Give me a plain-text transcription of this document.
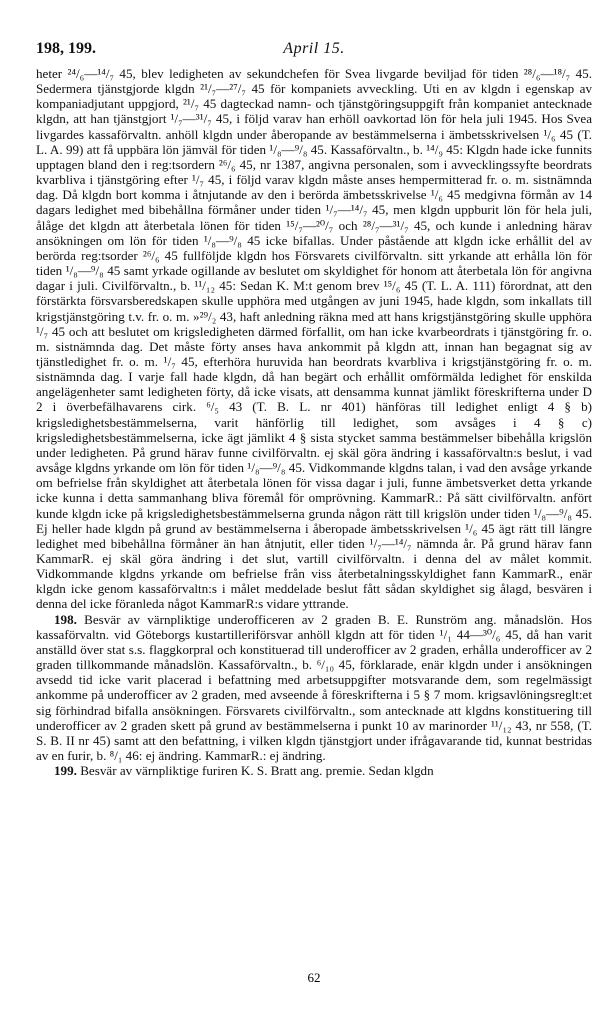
198, 199.	April 15.

heter ²⁴/₆—¹⁴/₇ 45, blev ledigheten av sekundchefen för Svea livgarde beviljad för tiden ²⁸/₆—¹⁸/₇ 45. Sedermera tjänstgjorde klgdn ²¹/₇—²⁷/₇ 45 för kompaniets avveckling. Uti en av klgdn i egenskap av kompaniadjutant uppgjord, ²¹/₇ 45 dagteckad namn- och tjänstgöringsuppgift från kompaniet antecknade klgdn, att han tjänstgjort ¹/₇—³¹/₇ 45, i följd varav han erhöll oavkortad lön för hela juli 1945. Hos Svea livgardes kassaförvaltn. anhöll klgdn under åberopande av bestämmelserna i ämbetsskrivelsen ¹/₆ 45 (T. L. A. 99) att få uppbära lön jämväl för tiden ¹/₈—⁹/₈ 45. Kassaförvaltn., b. ¹⁴/₉ 45: Klgdn hade icke funnits upptagen bland den i reg:tsordern ²⁶/₆ 45, nr 1387, angivna personalen, som i avvecklingssyfte beordrats kvarbliva i tjänstgöring efter ¹/₇ 45, i följd varav klgdn måste anses hempermitterad fr. o. m. sistnämnda dag. Då klgdn bort komma i åtnjutande av den i berörda ämbetsskrivelse ¹/₆ 45 medgivna förmån av 14 dagars ledighet med bibehållna förmåner under tiden ¹/₇—¹⁴/₇ 45, men klgdn uppburit lön för hela juli, ålåge det klgdn att återbetala lönen för tiden ¹⁵/₇—²⁰/₇ och ²⁸/₇—³¹/₇ 45, och kunde i anledning härav ansökningen om lön för tiden ¹/₈—⁹/₈ 45 icke bifallas. Under påstående att klgdn icke erhållit del av berörda reg:tsorder ²⁶/₆ 45 fullföljde klgdn hos Försvarets civilförvaltn. sitt yrkande att erhålla lön för tiden ¹/₈—⁹/₈ 45 samt yrkade ogillande av beslutet om skyldighet för honom att återbetala lön för angivna dagar i juli. Civilförvaltn., b. ¹¹/₁₂ 45: Sedan K. M:t genom brev ¹⁵/₆ 45 (T. L. A. 111) förordnat, att den förstärkta försvarsberedskapen skulle upphöra med utgången av juni 1945, hade klgdn, som inkallats till krigstjänstgöring t.v. fr. o. m. »²⁹/₂ 43, haft anledning räkna med att hans krigstjänstgöring skulle upphöra ¹/₇ 45 och att beslutet om krigsledigheten därmed förfallit, om han icke kvarbeordrats i tjänstgöring fr. o. m. sistnämnda dag. Det måste förty anses hava ankommit på klgdn att, innan han begagnat sig av tjänstledighet fr. o. m. ¹/₇ 45, efterhöra huruvida han beordrats kvarbliva i krigstjänstgöring fr. o. m. sistnämnda dag. I varje fall hade klgdn, då han begärt och erhållit omförmälda ledighet för enskilda angelägenheter samt ledigheten förty, då icke visats, att densamma kunnat jämlikt föreskrifterna under D 2 i överbefälhavarens cirk. ⁶/₅ 43 (T. B. L. nr 401) hänföras till ledighet enligt 4 § b) krigsledighetsbestämmelserna, varit hänförlig till ledighet, som avsåges i 4 § c) krigsledighetsbestämmelserna, icke ägt jämlikt 4 § sista stycket samma bestämmelser bibehålla krigslön under ledigheten. På grund härav funne civilförvaltn. ej skäl göra ändring i kassaförvaltn:s beslut, i vad avsåge klgdns yrkande om lön för tiden ¹/₈—⁹/₈ 45. Vidkommande klgdns talan, i vad den avsåge yrkande om befrielse från skyldighet att återbetala lönen för vissa dagar i juli, funne ämbetsverket detta yrkande icke kunna i detta sammanhang bliva föremål för omprövning. KammarR.: På sätt civilförvaltn. anfört kunde klgdn icke på krigsledighetsbestämmelserna grunda någon rätt till krigslön under tiden ¹/₈—⁹/₈ 45. Ej heller hade klgdn på grund av bestämmelserna i åberopade ämbetsskrivelsen ¹/₆ 45 ägt rätt till längre ledighet med bibehållna förmåner än han åtnjutit, eller tiden ¹/₇—¹⁴/₇ nämnda år. På grund härav fann KammarR. ej skäl göra ändring i det slut, vartill civilförvaltn. i denna del av målet kommit. Vidkommande klgdns yrkande om befrielse från viss återbetalningsskyldighet fann KammarR., enär klgdn icke genom kassaförvaltn:s i målet meddelade beslut fått sådan skyldighet sig ålagd, besvären i denna del icke föranleda något KammarR:s vidare yttrande.

198. Besvär av värnpliktige underofficeren av 2 graden B. E. Runström ang. månadslön. Hos kassaförvaltn. vid Göteborgs kustartilleriförsvar anhöll klgdn att för tiden ¹/₁ 44—³⁰/₆ 45, då han varit anställd över stat s.s. flaggkorpral och konstituerad till underofficer av 2 graden, erhålla underofficer av 2 graden tillkommande månadslön. Kassaförvaltn., b. ⁶/₁₀ 45, förklarade, enär klgdn under i ansökningen avsedd tid icke varit placerad i befattning med arbetsuppgifter motsvarande dem, som regelmässigt ankomme på underofficer av 2 graden, med avseende å föreskrifterna i 5 § 7 mom. krigsavlöningsreglt:et sig förhindrad bifalla ansökningen. Försvarets civilförvaltn., som antecknade att klgdns konstituering till underofficer av 2 graden skett på grund av bestämmelserna i punkt 10 av marinorder ¹¹/₁₂ 43, nr 558, (T. S. B. II nr 45) samt att den befattning, i vilken klgdn tjänstgjort under ifrågavarande tid, kunnat bestridas av en furir, b. ⁸/₁ 46: ej ändring. KammarR.: ej ändring.

199. Besvär av värnpliktige furiren K. S. Bratt ang. premie. Sedan klgdn

62
